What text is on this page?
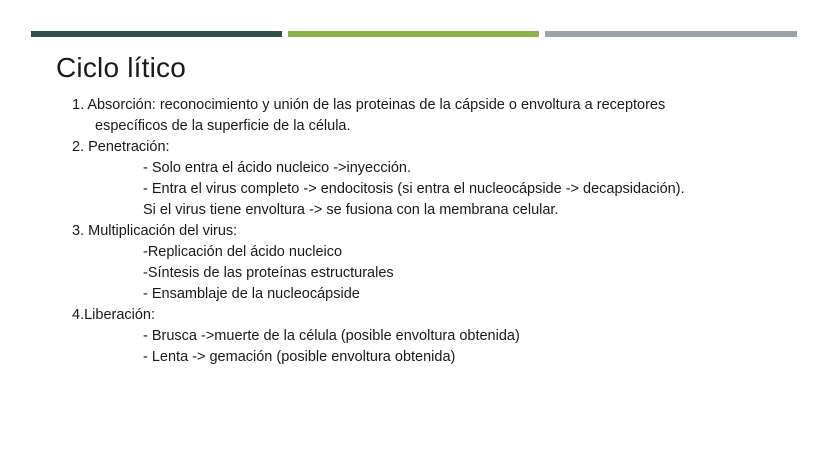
Ciclo lítico
1. Absorción: reconocimiento y unión de las proteinas de la cápside o envoltura a receptores
específicos de la superficie de la célula.
2. Penetración:
- Solo entra el ácido nucleico ->inyección.
- Entra el virus completo -> endocitosis (si entra el nucleocápside -> decapsidación).
Si el virus tiene envoltura -> se fusiona con la membrana celular.
3. Multiplicación del virus:
-Replicación del ácido nucleico
-Síntesis de las proteínas estructurales
- Ensamblaje de la nucleocápside
4.Liberación:
- Brusca ->muerte de la célula (posible envoltura obtenida)
- Lenta -> gemación (posible envoltura obtenida)
